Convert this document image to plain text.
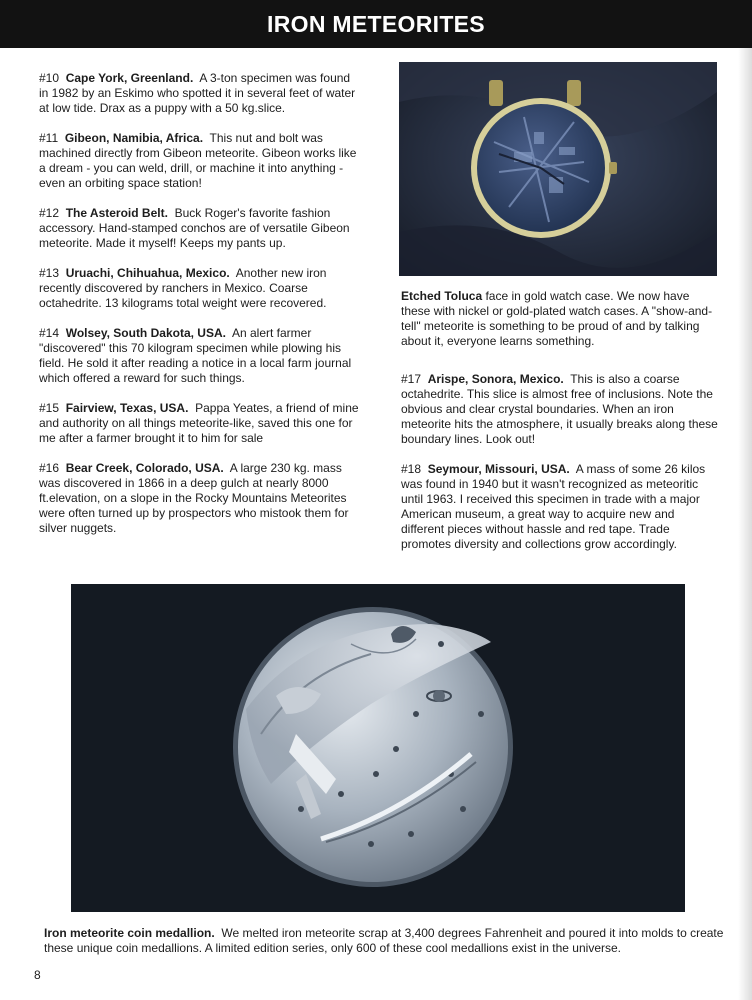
IRON METEORITES

#10 Cape York, Greenland. A 3-ton specimen was found in 1982 by an Eskimo who spotted it in several feet of water at low tide. Drax as a puppy with a 50 kg.slice.

#11 Gibeon, Namibia, Africa. This nut and bolt was machined directly from Gibeon meteorite. Gibeon works like a dream - you can weld, drill, or machine it into anything - even an orbiting space station!

#12 The Asteroid Belt. Buck Roger's favorite fashion accessory. Hand-stamped conchos are of versatile Gibeon meteorite. Made it myself! Keeps my pants up.

#13 Uruachi, Chihuahua, Mexico. Another new iron recently discovered by ranchers in Mexico. Coarse octahedrite. 13 kilograms total weight were recovered.

#14 Wolsey, South Dakota, USA. An alert farmer "discovered" this 70 kilogram specimen while plowing his field. He sold it after reading a notice in a local farm journal which offered a reward for such things.

#15 Fairview, Texas, USA. Pappa Yeates, a friend of mine and authority on all things meteorite-like, saved this one for me after a farmer brought it to him for sale

#16 Bear Creek, Colorado, USA. A large 230 kg. mass was discovered in 1866 in a deep gulch at nearly 8000 ft.elevation, on a slope in the Rocky Mountains Meteorites were often turned up by prospectors who mistook them for silver nuggets.

Etched Toluca face in gold watch case. We now have these with nickel or gold-plated watch cases. A "show-and-tell" meteorite is something to be proud of and by talking about it, everyone learns something.

#17 Arispe, Sonora, Mexico. This is also a coarse octahedrite. This slice is almost free of inclusions. Note the obvious and clear crystal boundaries. When an iron meteorite hits the atmosphere, it usually breaks along these boundary lines. Look out!

#18 Seymour, Missouri, USA. A mass of some 26 kilos was found in 1940 but it wasn't recognized as meteoritic until 1963. I received this specimen in trade with a major American museum, a great way to acquire new and different pieces without hassle and red tape. Trade promotes diversity and collections grow accordingly.

Iron meteorite coin medallion. We melted iron meteorite scrap at 3,400 degrees Fahrenheit and poured it into molds to create these unique coin medallions. A limited edition series, only 600 of these cool medallions exist in the universe.
8
